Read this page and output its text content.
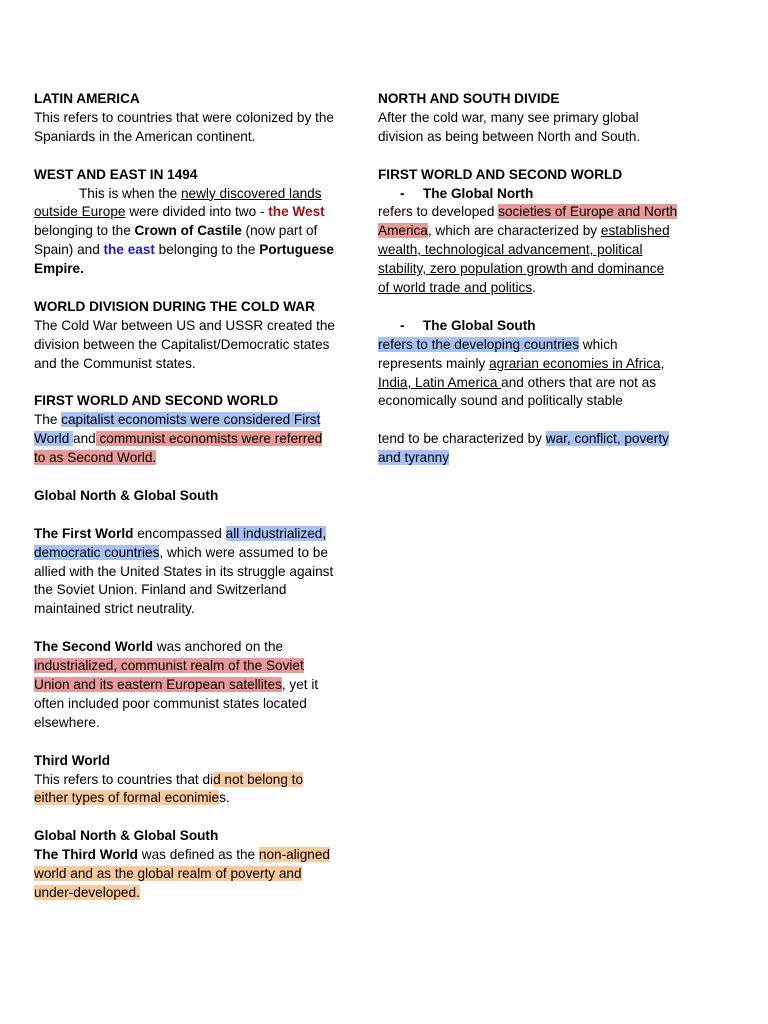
LATIN AMERICA
This refers to countries that were colonized by the Spaniards in the American continent.
WEST AND EAST IN 1494
This is when the newly discovered lands outside Europe were divided into two - the West belonging to the Crown of Castile (now part of Spain) and the east belonging to the Portuguese Empire.
WORLD DIVISION DURING THE COLD WAR
The Cold War between US and USSR created the division between the Capitalist/Democratic states and the Communist states.
FIRST WORLD AND SECOND WORLD
The capitalist economists were considered First World and communist economists were referred to as Second World.
Global North & Global South
The First World encompassed all industrialized, democratic countries, which were assumed to be allied with the United States in its struggle against the Soviet Union. Finland and Switzerland maintained strict neutrality.
The Second World was anchored on the industrialized, communist realm of the Soviet Union and its eastern European satellites, yet it often included poor communist states located elsewhere.
Third World
This refers to countries that did not belong to either types of formal econimies.
Global North & Global South
The Third World was defined as the non-aligned world and as the global realm of poverty and under-developed.
NORTH AND SOUTH DIVIDE
After the cold war, many see primary global division as being between North and South.
FIRST WORLD AND SECOND WORLD
- The Global North
refers to developed societies of Europe and North America, which are characterized by established wealth, technological advancement, political stability, zero population growth and dominance of world trade and politics.
- The Global South
refers to the developing countries which represents mainly agrarian economies in Africa, India, Latin America and others that are not as economically sound and politically stable
tend to be characterized by war, conflict, poverty and tyranny
